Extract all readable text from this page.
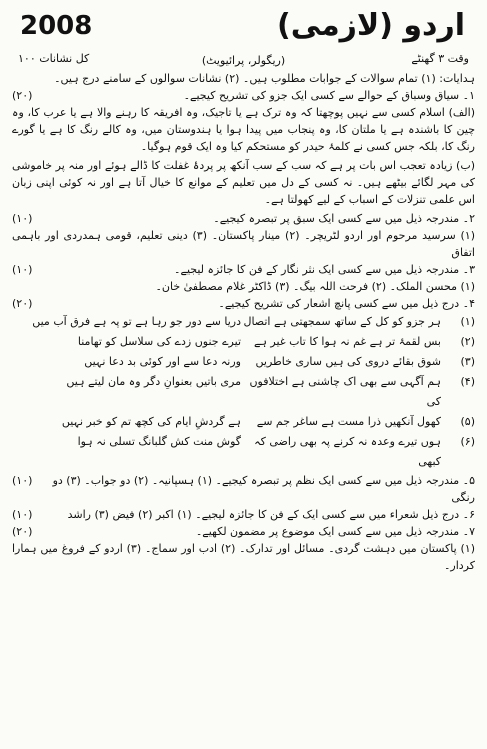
اردو (لازمی)
2008
وقت ۳ گھنٹے
(ریگولر، پرائیویٹ)
کل نشانات ۱۰۰

ہدایات: (۱) تمام سوالات کے جوابات مطلوب ہیں۔ (۲) نشانات سوالوں کے سامنے درج ہیں۔

۱۔ سیاق وسباق کے حوالے سے کسی ایک جزو کی تشریح کیجیے۔
(۲۰)

(الف) اسلام کسی سے نہیں پوچھتا کہ وہ ترک ہے یا تاجیک، وہ افریقہ کا رہنے والا ہے یا عرب کا، وہ چین کا باشندہ ہے یا ملتان کا، وہ پنجاب میں پیدا ہوا یا ہندوستان میں، وہ کالے رنگ کا ہے یا گورے رنگ کا، بلکہ جس کسی نے کلمۂ حیدر کو مستحکم کیا وہ ایک قوم ہوگیا۔

(ب) زیادہ تعجب اس بات پر ہے کہ سب کے سب آنکھ پر پردۂ غفلت کا ڈالے ہوئے اور منہ پر خاموشی کی مہر لگائے بیٹھے ہیں۔ نہ کسی کے دل میں تعلیم کے موانع کا خیال آتا ہے اور نہ کوئی اپنی زبان اس علمی تنزلات کے اسباب کے لیے کھولتا ہے۔

۲۔ مندرجہ ذیل میں سے کسی ایک سبق پر تبصرہ کیجیے۔
(۱۰)

(۱) سرسید مرحوم اور اردو لٹریچر۔ (۲) مینار پاکستان۔ (۳) دینی تعلیم، قومی ہمدردی اور باہمی اتفاق

۳۔ مندرجہ ذیل میں سے کسی ایک نثر نگار کے فن کا جائزہ لیجیے۔
(۱۰)

(۱) محسن الملک۔ (۲) فرحت اللہ بیگ۔ (۳) ڈاکٹر غلام مصطفیٰ خان۔

۴۔ درج ذیل میں سے کسی پانچ اشعار کی تشریح کیجیے۔
(۲۰)
(۱)
ہر جزو کو کل کے ساتھ سمجھتی ہے اتصال
دریا سے دور جو رہا ہے تو پہ ہے فرق آب میں
(۲)
بس لقمۂ تر ہے غم نہ ہوا کا تاب غیر ہے
تیرے جنوں زدے کی سلاسل کو تھامنا
(۳)
شوق بقائے دروی کی ہیں ساری خاطریں
ورنہ دعا سے اور کوئی بد دعا نہیں
(۴)
ہم آگہی سے بھی اک چاشنی ہے اختلافوں کی
مری باتیں بعنوانِ دگر وہ مان لیتے ہیں
(۵)
کھول آنکھیں ذرا مست ہے ساغر جم سے
ہے گردشِ ایام کی کچھ تم کو خبر نہیں
(۶)
ہوں تیرے وعدہ نہ کرنے پہ بھی راضی کہ کبھی
گوش منت کش گلبانگ تسلی نہ ہوا
۵۔ مندرجہ ذیل میں سے کسی ایک نظم پر تبصرہ کیجیے۔ (۱) ہسپانیہ۔ (۲) دو جواب۔ (۳) دو رنگی
(۱۰)
۶۔ درج ذیل شعراء میں سے کسی ایک کے فن کا جائزہ لیجیے۔ (۱) اکبر (۲) فیض (۳) راشد
(۱۰)
۷۔ مندرجہ ذیل میں سے کسی ایک موضوع پر مضمون لکھیے۔
(۲۰)

(۱) پاکستان میں دہشت گردی۔ مسائل اور تدارک۔ (۲) ادب اور سماج۔ (۳) اردو کے فروغ میں ہمارا کردار۔
